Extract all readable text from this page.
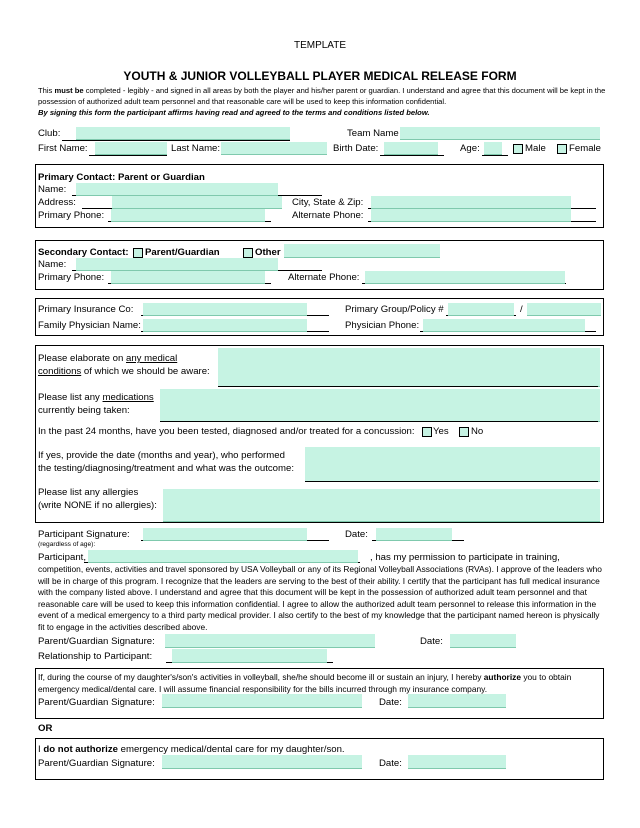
TEMPLATE
YOUTH & JUNIOR VOLLEYBALL PLAYER MEDICAL RELEASE FORM
This must be completed - legibly - and signed in all areas by both the player and his/her parent or guardian. I understand and agree that this document will be kept in the possession of authorized adult team personnel and that reasonable care will be used to keep this information confidential.
By signing this form the participant affirms having read and agreed to the terms and conditions listed below.
Club:	Team Name
First Name:	Last Name:	Birth Date:	Age:	Male Female
Primary Contact: Parent or Guardian
Name:
Address:	City, State & Zip:
Primary Phone:	Alternate Phone:
Secondary Contact: Parent/Guardian	Other
Name:
Primary Phone:	Alternate Phone:
Primary Insurance Co:	Primary Group/Policy #	/
Family Physician Name:	Physician Phone:
Please elaborate on any medical
conditions of which we should be aware:
Please list any medications
currently being taken:
In the past 24 months, have you been tested, diagnosed and/or treated for a concussion: Yes No
If yes, provide the date (months and year), who performed
the testing/diagnosing/treatment and what was the outcome:
Please list any allergies
(write NONE if no allergies):
Participant Signature:
(regardless of age):
Date:
Participant,	, has my permission to participate in training,
competition, events, activities and travel sponsored by USA Volleyball or any of its Regional Volleyball Associations (RVAs). I approve of the leaders who will be in charge of this program. I recognize that the leaders are serving to the best of their ability. I certify that the participant has full medical insurance with the company listed above. I understand and agree that this document will be kept in the possession of authorized adult team personnel and that reasonable care will be used to keep this information confidential. I agree to allow the authorized adult team personnel to release this information in the event of a medical emergency to a third party medical provider. I also certify to the best of my knowledge that the participant named hereon is physically fit to engage in the activities described above.
Parent/Guardian Signature:	Date:
Relationship to Participant:
If, during the course of my daughter's/son's activities in volleyball, she/he should become ill or sustain an injury, I hereby authorize you to obtain emergency medical/dental care. I will assume financial responsibility for the bills incurred through my insurance company.
Parent/Guardian Signature:	Date:
OR
I do not authorize emergency medical/dental care for my daughter/son.
Parent/Guardian Signature:	Date:
